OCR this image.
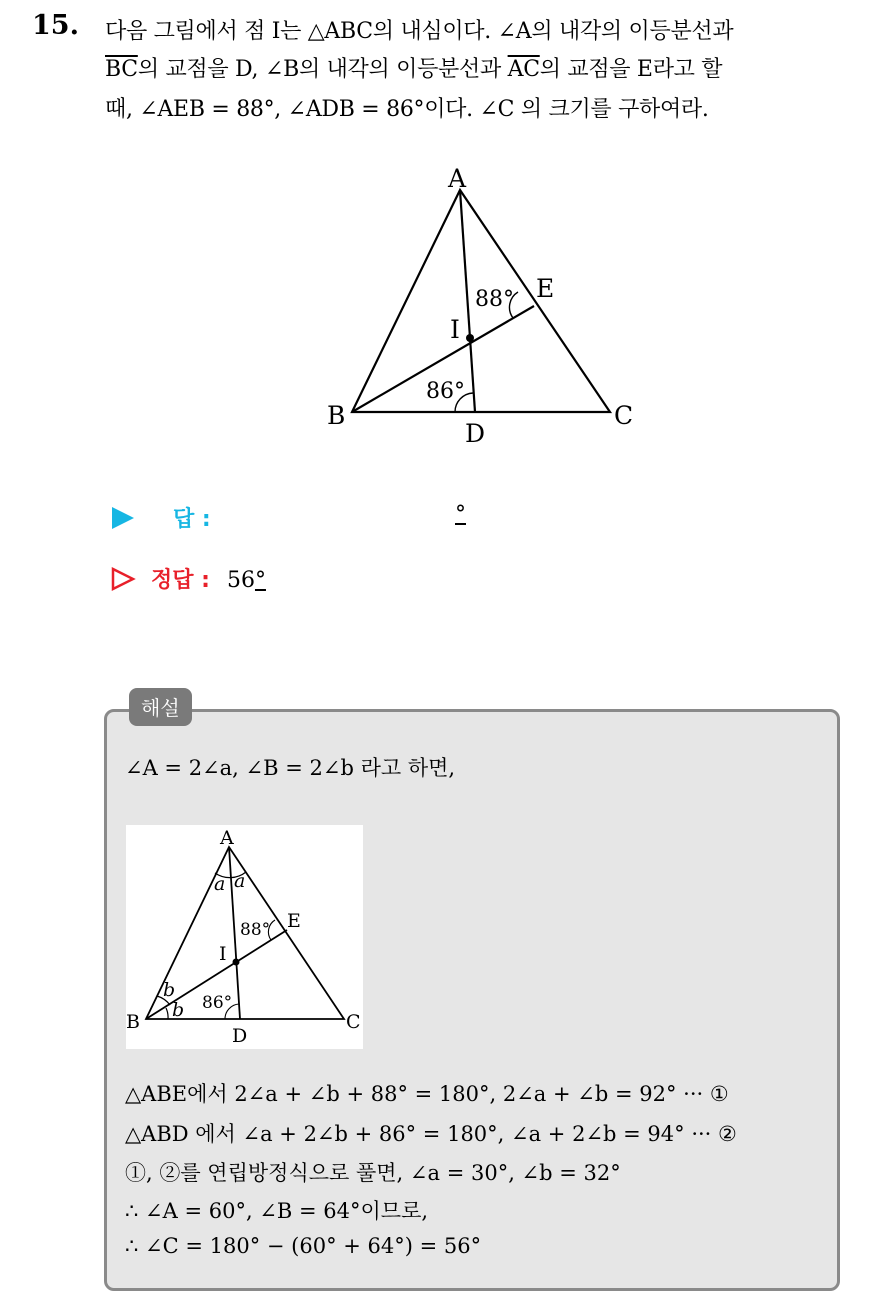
15. 다음 그림에서 점 I는 △ABC의 내심이다. ∠A의 내각의 이등분선과
$\overline{BC}$의 교점을 D, ∠B의 내각의 이등분선과 $\overline{AC}$의 교점을 E라고 할
때, ∠AEB = 88°, ∠ADB = 86°이다. ∠C 의 크기를 구하여라.
A
B	C
D
E
I
88°
86°
답 :	°
정답 : 56°
해설
∠A = 2∠a, ∠B = 2∠b 라고 하면,
A
B	C
D
E
I
a a
b
b
88°
86°
△ABE에서 2∠a + ∠b + 88° = 180°, 2∠a + ∠b = 92° ··· ①
△ABD 에서 ∠a + 2∠b + 86° = 180°, ∠a + 2∠b = 94° ··· ②
①, ②를 연립방정식으로 풀면, ∠a = 30°, ∠b = 32°
∴ ∠A = 60°, ∠B = 64°이므로,
∴ ∠C = 180° − (60° + 64°) = 56°
